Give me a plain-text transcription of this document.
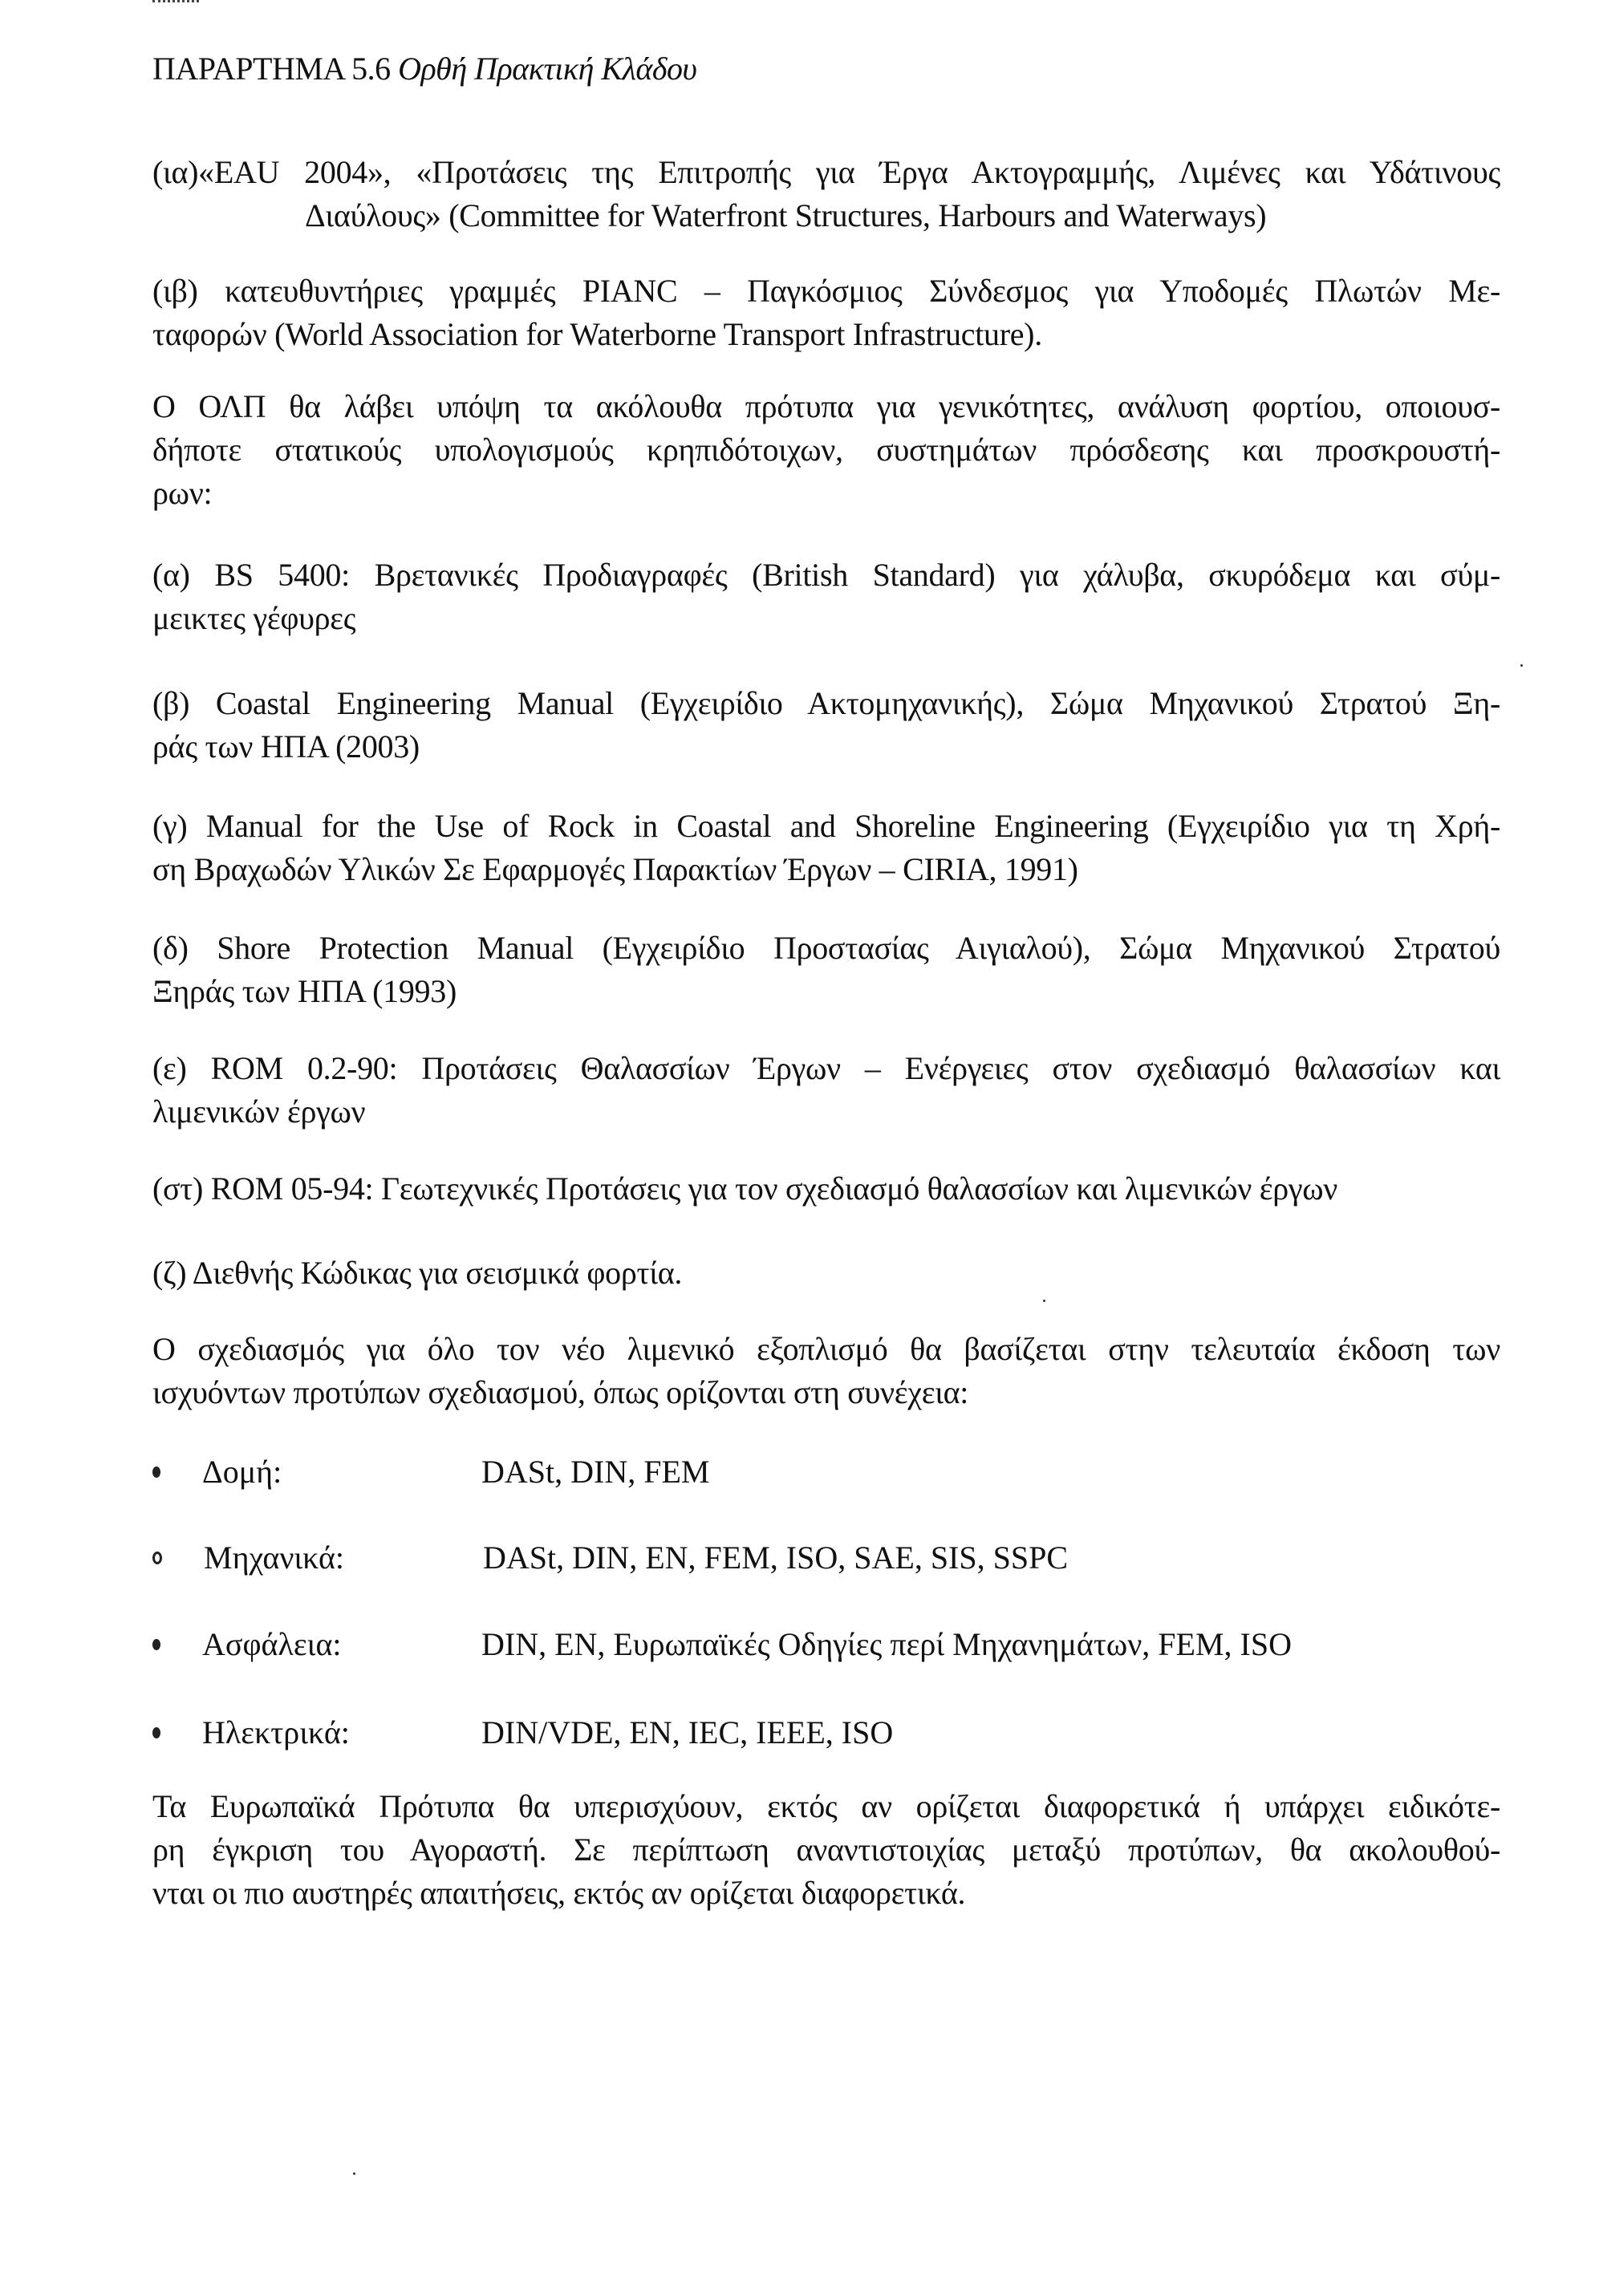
ΠΑΡΑΡΤΗΜΑ 5.6 Ορθή Πρακτική Κλάδου
(ια)«EAU 2004», «Προτάσεις της Επιτροπής για Έργα Ακτογραμμής, Λιμένες και Υδάτινους
Διαύλους» (Committee for Waterfront Structures, Harbours and Waterways)
(ιβ) κατευθυντήριες γραμμές PIANC – Παγκόσμιος Σύνδεσμος για Υποδομές Πλωτών Με-
ταφορών (World Association for Waterborne Transport Infrastructure).
Ο ΟΛΠ θα λάβει υπόψη τα ακόλουθα πρότυπα για γενικότητες, ανάλυση φορτίου, οποιουσ-
δήποτε στατικούς υπολογισμούς κρηπιδότοιχων, συστημάτων πρόσδεσης και προσκρουστή-
ρων:
(α) BS 5400: Βρετανικές Προδιαγραφές (British Standard) για χάλυβα, σκυρόδεμα και σύμ-
μεικτες γέφυρες
(β) Coastal Engineering Manual (Εγχειρίδιο Ακτομηχανικής), Σώμα Μηχανικού Στρατού Ξη-
ράς των ΗΠΑ (2003)
(γ) Manual for the Use of Rock in Coastal and Shoreline Engineering (Εγχειρίδιο για τη Χρή-
ση Βραχωδών Υλικών Σε Εφαρμογές Παρακτίων Έργων – CIRIA, 1991)
(δ) Shore Protection Manual (Εγχειρίδιο Προστασίας Αιγιαλού), Σώμα Μηχανικού Στρατού
Ξηράς των ΗΠΑ (1993)
(ε) ROM 0.2-90: Προτάσεις Θαλασσίων Έργων – Ενέργειες στον σχεδιασμό θαλασσίων και
λιμενικών έργων
(στ) ROM 05-94: Γεωτεχνικές Προτάσεις για τον σχεδιασμό θαλασσίων και λιμενικών έργων
(ζ) Διεθνής Κώδικας για σεισμικά φορτία.
Ο σχεδιασμός για όλο τον νέο λιμενικό εξοπλισμό θα βασίζεται στην τελευταία έκδοση των
ισχυόντων προτύπων σχεδιασμού, όπως ορίζονται στη συνέχεια:
Δομή:	DASt, DIN, FEM
Μηχανικά:	DASt, DIN, EN, FEM, ISO, SAE, SIS, SSPC
Ασφάλεια:	DIN, EN, Ευρωπαϊκές Οδηγίες περί Μηχανημάτων, FEM, ISO
Ηλεκτρικά:	DIN/VDE, EN, IEC, IEEE, ISO
Τα Ευρωπαϊκά Πρότυπα θα υπερισχύουν, εκτός αν ορίζεται διαφορετικά ή υπάρχει ειδικότε-
ρη έγκριση του Αγοραστή. Σε περίπτωση αναντιστοιχίας μεταξύ προτύπων, θα ακολουθού-
νται οι πιο αυστηρές απαιτήσεις, εκτός αν ορίζεται διαφορετικά.
